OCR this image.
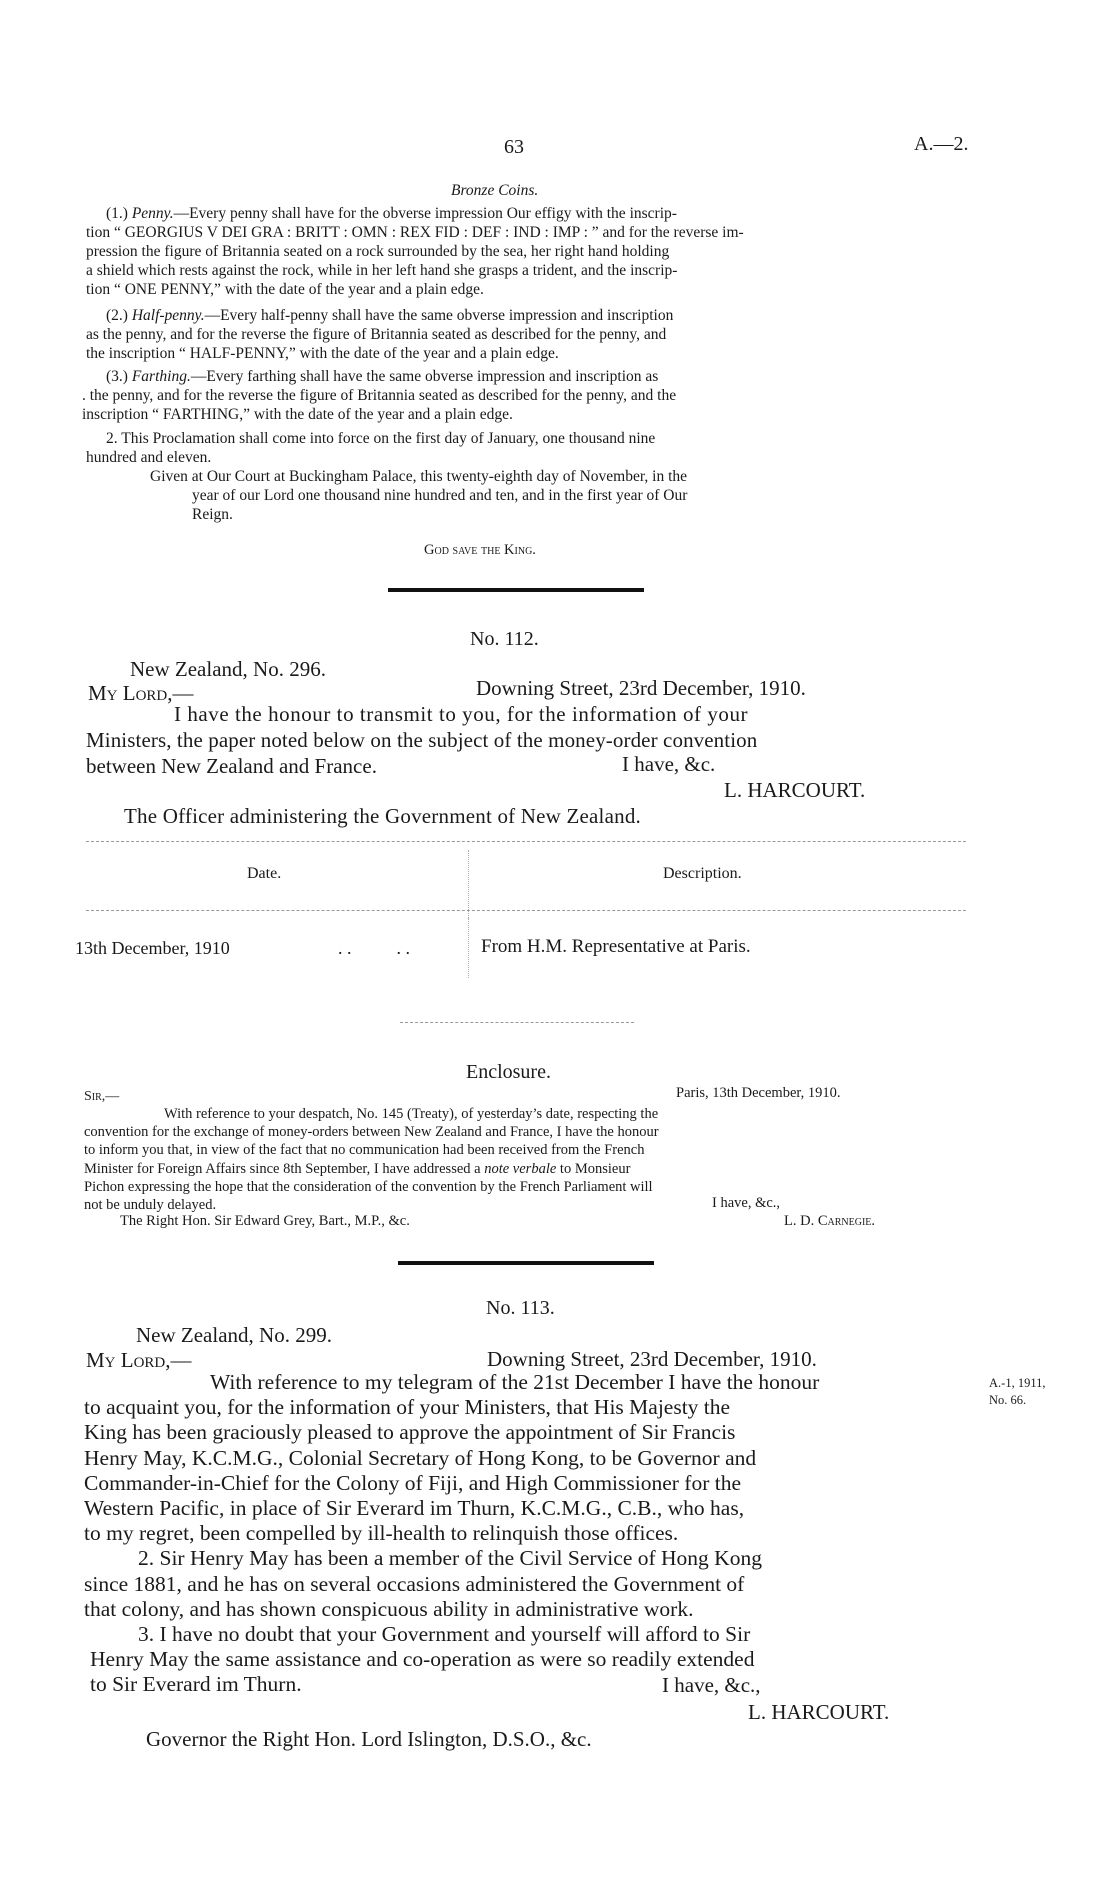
63	A.—2.
Bronze Coins.
(1.) Penny.—Every penny shall have for the obverse impression Our effigy with the inscrip-
tion “ GEORGIUS V DEI GRA : BRITT : OMN : REX FID : DEF : IND : IMP : ” and for the reverse im-
pression the figure of Britannia seated on a rock surrounded by the sea, her right hand holding
a shield which rests against the rock, while in her left hand she grasps a trident, and the inscrip-
tion “ ONE PENNY,” with the date of the year and a plain edge.
(2.) Half-penny.—Every half-penny shall have the same obverse impression and inscription
as the penny, and for the reverse the figure of Britannia seated as described for the penny, and
the inscription “ HALF-PENNY,” with the date of the year and a plain edge.
(3.) Farthing.—Every farthing shall have the same obverse impression and inscription as
. the penny, and for the reverse the figure of Britannia seated as described for the penny, and the
inscription “ FARTHING,” with the date of the year and a plain edge.
2. This Proclamation shall come into force on the first day of January, one thousand nine
hundred and eleven.
Given at Our Court at Buckingham Palace, this twenty-eighth day of November, in the
year of our Lord one thousand nine hundred and ten, and in the first year of Our
Reign.
God save the King.
No. 112.
New Zealand, No. 296.
My Lord,—	Downing Street, 23rd December, 1910.
I have the honour to transmit to you, for the information of your
Ministers, the paper noted below on the subject of the money-order convention
between New Zealand and France.	I have, &c.
L. HARCOURT.
The Officer administering the Government of New Zealand.
Date.	Description.
13th December, 1910	. .          . .	From H.M. Representative at Paris.
Enclosure.
Sir,—	Paris, 13th December, 1910.
With reference to your despatch, No. 145 (Treaty), of yesterday’s date, respecting the
convention for the exchange of money-orders between New Zealand and France, I have the honour
to inform you that, in view of the fact that no communication had been received from the French
Minister for Foreign Affairs since 8th September, I have addressed a note verbale to Monsieur
Pichon expressing the hope that the consideration of the convention by the French Parliament will
not be unduly delayed.	I have, &c.,
The Right Hon. Sir Edward Grey, Bart., M.P., &c.	L. D. Carnegie.
No. 113.
New Zealand, No. 299.
My Lord,—	Downing Street, 23rd December, 1910.
A.-1, 1911,
No. 66.
With reference to my telegram of the 21st December I have the honour
to acquaint you, for the information of your Ministers, that His Majesty the
King has been graciously pleased to approve the appointment of Sir Francis
Henry May, K.C.M.G., Colonial Secretary of Hong Kong, to be Governor and
Commander-in-Chief for the Colony of Fiji, and High Commissioner for the
Western Pacific, in place of Sir Everard im Thurn, K.C.M.G., C.B., who has,
to my regret, been compelled by ill-health to relinquish those offices.
2. Sir Henry May has been a member of the Civil Service of Hong Kong
since 1881, and he has on several occasions administered the Government of
that colony, and has shown conspicuous ability in administrative work.
3. I have no doubt that your Government and yourself will afford to Sir
Henry May the same assistance and co-operation as were so readily extended
to Sir Everard im Thurn.	I have, &c.,
L. HARCOURT.
Governor the Right Hon. Lord Islington, D.S.O., &c.
